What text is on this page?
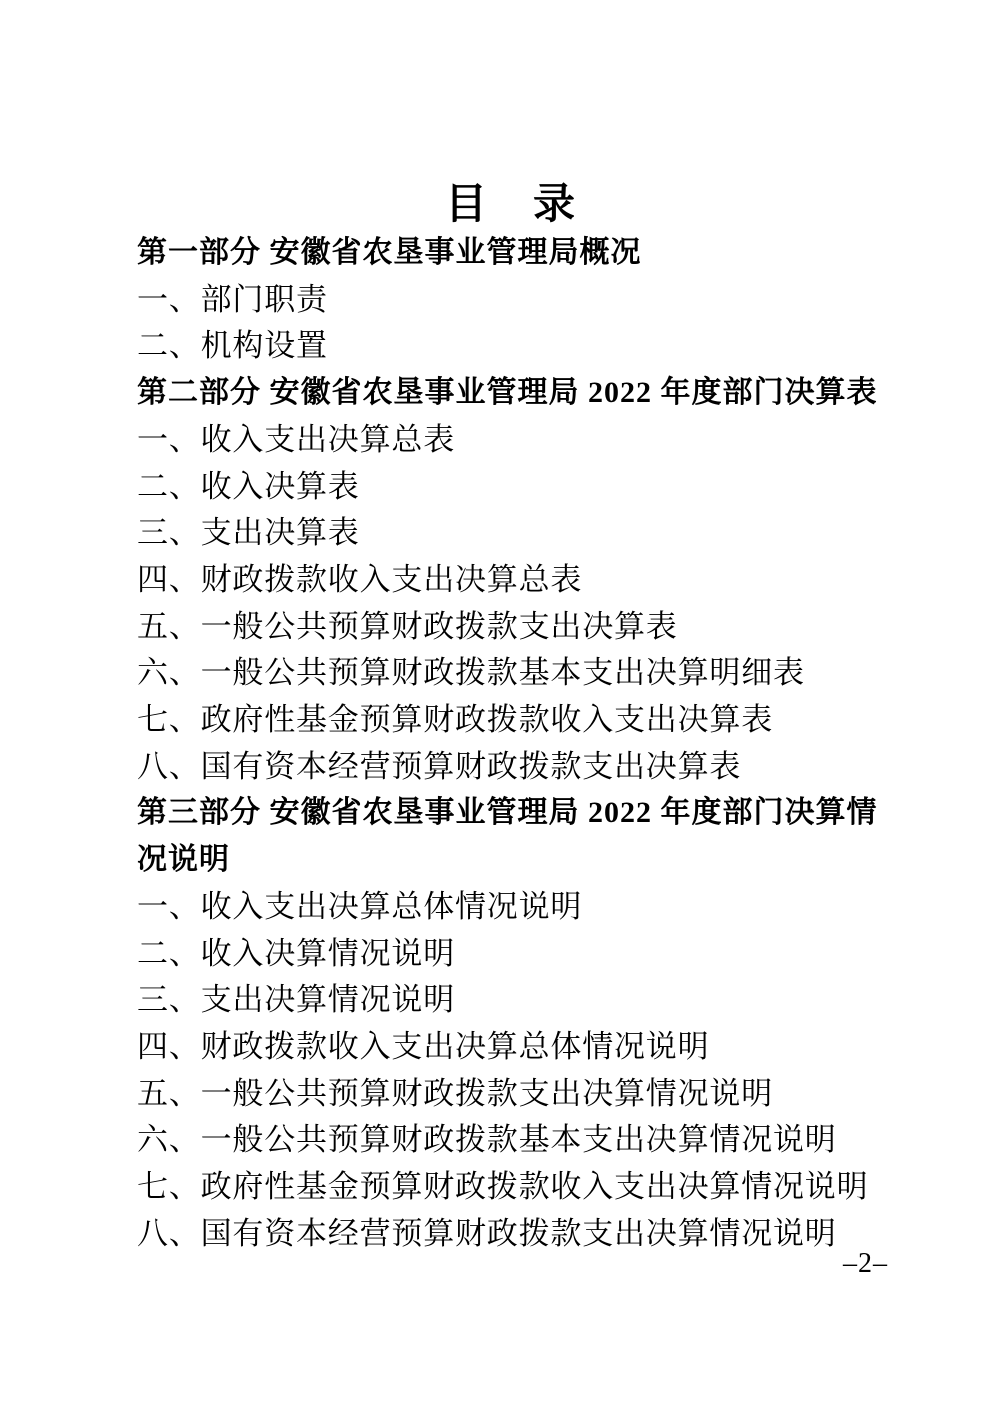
目　录
第一部分 安徽省农垦事业管理局概况
一、部门职责
二、机构设置
第二部分 安徽省农垦事业管理局 2022 年度部门决算表
一、收入支出决算总表
二、收入决算表
三、支出决算表
四、财政拨款收入支出决算总表
五、一般公共预算财政拨款支出决算表
六、一般公共预算财政拨款基本支出决算明细表
七、政府性基金预算财政拨款收入支出决算表
八、国有资本经营预算财政拨款支出决算表
第三部分 安徽省农垦事业管理局 2022 年度部门决算情况说明
一、收入支出决算总体情况说明
二、收入决算情况说明
三、支出决算情况说明
四、财政拨款收入支出决算总体情况说明
五、一般公共预算财政拨款支出决算情况说明
六、一般公共预算财政拨款基本支出决算情况说明
七、政府性基金预算财政拨款收入支出决算情况说明
八、国有资本经营预算财政拨款支出决算情况说明
–2–
